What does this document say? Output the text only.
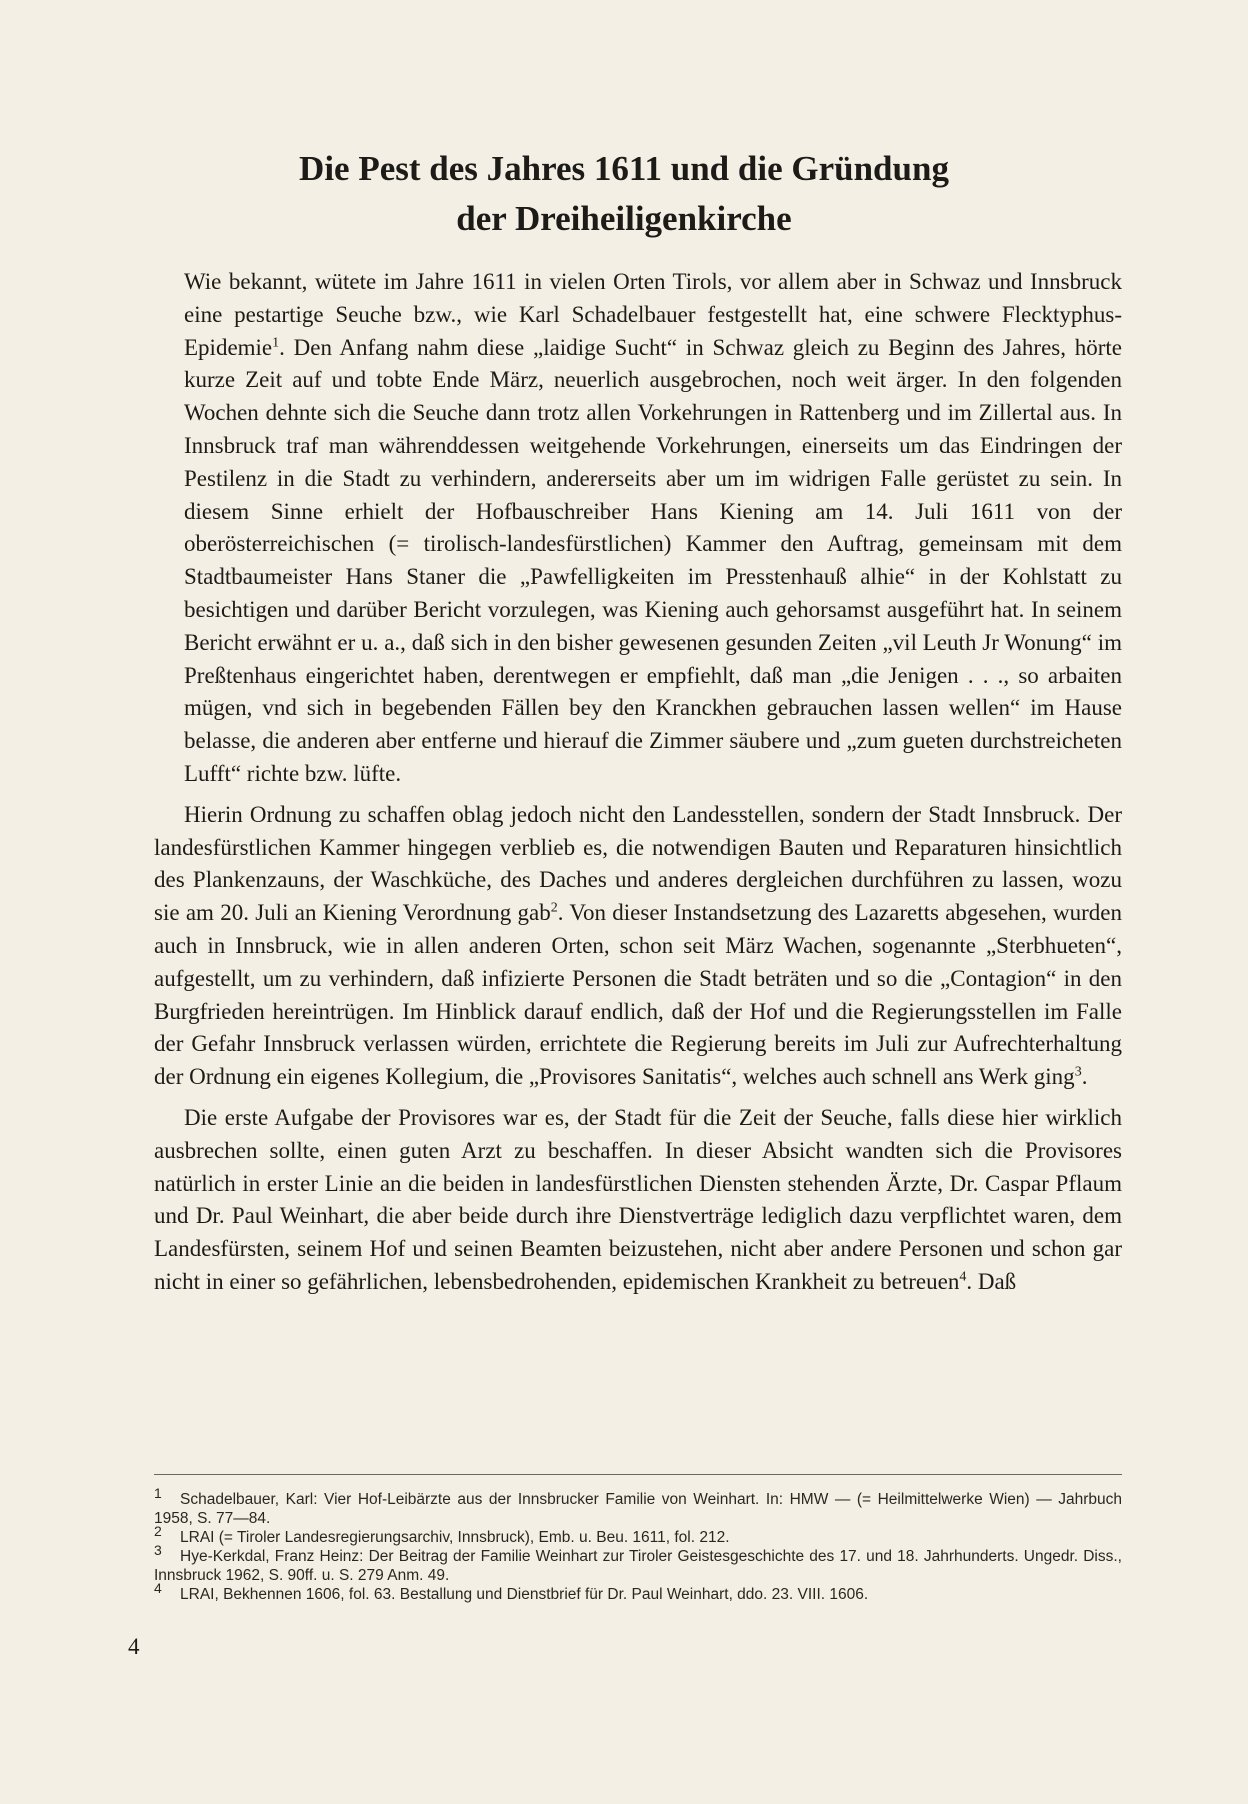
Die Pest des Jahres 1611 und die Gründung
der Dreiheiligenkirche

Wie bekannt, wütete im Jahre 1611 in vielen Orten Tirols, vor allem aber in Schwaz und Innsbruck eine pestartige Seuche bzw., wie Karl Schadelbauer festgestellt hat, eine schwere Flecktyphus-Epidemie$^1$. Den Anfang nahm diese „laidige Sucht“ in Schwaz gleich zu Beginn des Jahres, hörte kurze Zeit auf und tobte Ende März, neuerlich ausgebrochen, noch weit ärger. In den folgenden Wochen dehnte sich die Seuche dann trotz allen Vorkehrungen in Rattenberg und im Zillertal aus. In Innsbruck traf man währenddessen weitgehende Vorkehrungen, einerseits um das Eindringen der Pestilenz in die Stadt zu verhindern, andererseits aber um im widrigen Falle gerüstet zu sein. In diesem Sinne erhielt der Hofbauschreiber Hans Kiening am 14. Juli 1611 von der oberösterreichischen (= tirolisch-landesfürstlichen) Kammer den Auftrag, gemeinsam mit dem Stadtbaumeister Hans Staner die „Pawfelligkeiten im Presstenhauß alhie“ in der Kohlstatt zu besichtigen und darüber Bericht vorzulegen, was Kiening auch gehorsamst ausgeführt hat. In seinem Bericht erwähnt er u. a., daß sich in den bisher gewesenen gesunden Zeiten „vil Leuth Jr Wonung“ im Preßtenhaus eingerichtet haben, derentwegen er empfiehlt, daß man „die Jenigen . . ., so arbaiten mügen, vnd sich in begebenden Fällen bey den Kranckhen gebrauchen lassen wellen“ im Hause belasse, die anderen aber entferne und hierauf die Zimmer säubere und „zum gueten durchstreicheten Lufft“ richte bzw. lüfte.

Hierin Ordnung zu schaffen oblag jedoch nicht den Landesstellen, sondern der Stadt Innsbruck. Der landesfürstlichen Kammer hingegen verblieb es, die notwendigen Bauten und Reparaturen hinsichtlich des Plankenzauns, der Waschküche, des Daches und anderes dergleichen durchführen zu lassen, wozu sie am 20. Juli an Kiening Verordnung gab$^2$. Von dieser Instandsetzung des Lazaretts abgesehen, wurden auch in Innsbruck, wie in allen anderen Orten, schon seit März Wachen, sogenannte „Sterbhueten“, aufgestellt, um zu verhindern, daß infizierte Personen die Stadt beträten und so die „Contagion“ in den Burgfrieden hereintrügen. Im Hinblick darauf endlich, daß der Hof und die Regierungsstellen im Falle der Gefahr Innsbruck verlassen würden, errichtete die Regierung bereits im Juli zur Aufrechterhaltung der Ordnung ein eigenes Kollegium, die „Provisores Sanitatis“, welches auch schnell ans Werk ging$^3$.

Die erste Aufgabe der Provisores war es, der Stadt für die Zeit der Seuche, falls diese hier wirklich ausbrechen sollte, einen guten Arzt zu beschaffen. In dieser Absicht wandten sich die Provisores natürlich in erster Linie an die beiden in landesfürstlichen Diensten stehenden Ärzte, Dr. Caspar Pflaum und Dr. Paul Weinhart, die aber beide durch ihre Dienstverträge lediglich dazu verpflichtet waren, dem Landesfürsten, seinem Hof und seinen Beamten beizustehen, nicht aber andere Personen und schon gar nicht in einer so gefährlichen, lebensbedrohenden, epidemischen Krankheit zu betreuen$^4$. Daß

$^1$ Schadelbauer, Karl: Vier Hof-Leibärzte aus der Innsbrucker Familie von Weinhart. In: HMW — (= Heilmittelwerke Wien) — Jahrbuch 1958, S. 77—84.

$^2$ LRAI (= Tiroler Landesregierungsarchiv, Innsbruck), Emb. u. Beu. 1611, fol. 212.

$^3$ Hye-Kerkdal, Franz Heinz: Der Beitrag der Familie Weinhart zur Tiroler Geistesgeschichte des 17. und 18. Jahrhunderts. Ungedr. Diss., Innsbruck 1962, S. 90ff. u. S. 279 Anm. 49.

$^4$ LRAI, Bekhennen 1606, fol. 63. Bestallung und Dienstbrief für Dr. Paul Weinhart, ddo. 23. VIII. 1606.

4
